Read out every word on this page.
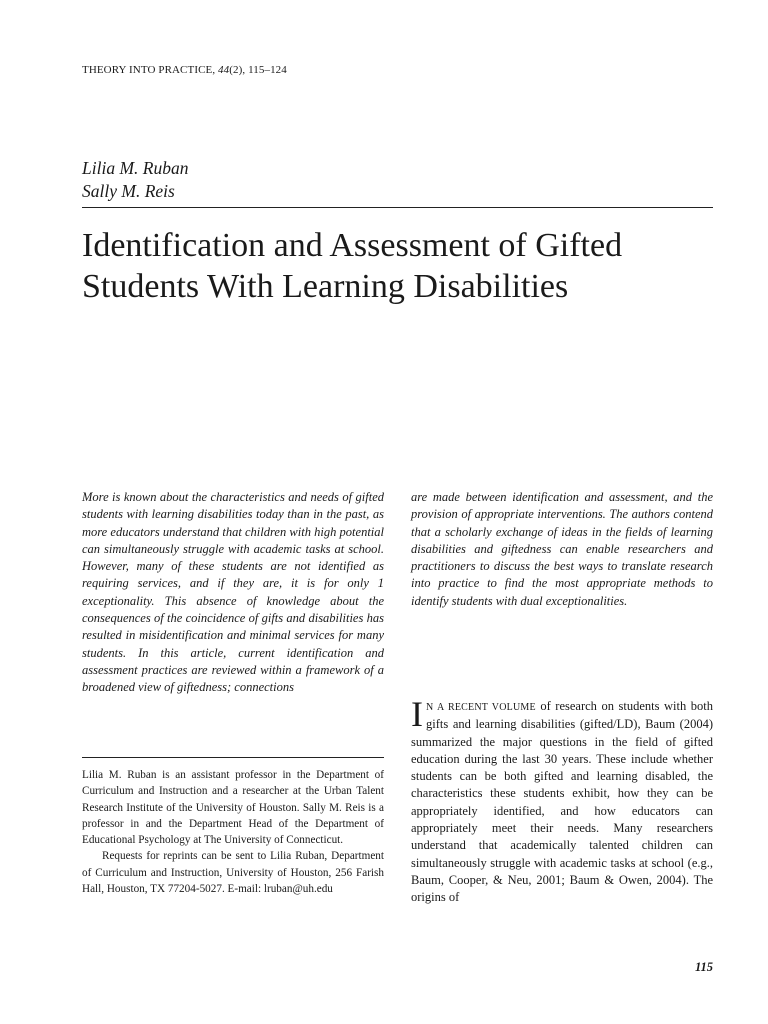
THEORY INTO PRACTICE, 44(2), 115–124
Lilia M. Ruban
Sally M. Reis
Identification and Assessment of Gifted Students With Learning Disabilities
More is known about the characteristics and needs of gifted students with learning disabilities today than in the past, as more educators understand that children with high potential can simultaneously struggle with academic tasks at school. However, many of these students are not identified as requiring services, and if they are, it is for only 1 exceptionality. This absence of knowledge about the consequences of the coincidence of gifts and disabilities has resulted in misidentification and minimal services for many students. In this article, current identification and assessment practices are reviewed within a framework of a broadened view of giftedness; connections
are made between identification and assessment, and the provision of appropriate interventions. The authors contend that a scholarly exchange of ideas in the fields of learning disabilities and giftedness can enable researchers and practitioners to discuss the best ways to translate research into practice to find the most appropriate methods to identify students with dual exceptionalities.

Lilia M. Ruban is an assistant professor in the Department of Curriculum and Instruction and a researcher at the Urban Talent Research Institute of the University of Houston. Sally M. Reis is a professor in and the Department Head of the Department of Educational Psychology at The University of Connecticut.

Requests for reprints can be sent to Lilia Ruban, Department of Curriculum and Instruction, University of Houston, 256 Farish Hall, Houston, TX 77204-5027. E-mail: lruban@uh.edu

I N A RECENT VOLUME of research on students with both gifts and learning disabilities (gifted/LD), Baum (2004) summarized the major questions in the field of gifted education during the last 30 years. These include whether students can be both gifted and learning disabled, the characteristics these students exhibit, how they can be appropriately identified, and how educators can appropriately meet their needs. Many researchers understand that academically talented children can simultaneously struggle with academic tasks at school (e.g., Baum, Cooper, & Neu, 2001; Baum & Owen, 2004). The origins of
115
